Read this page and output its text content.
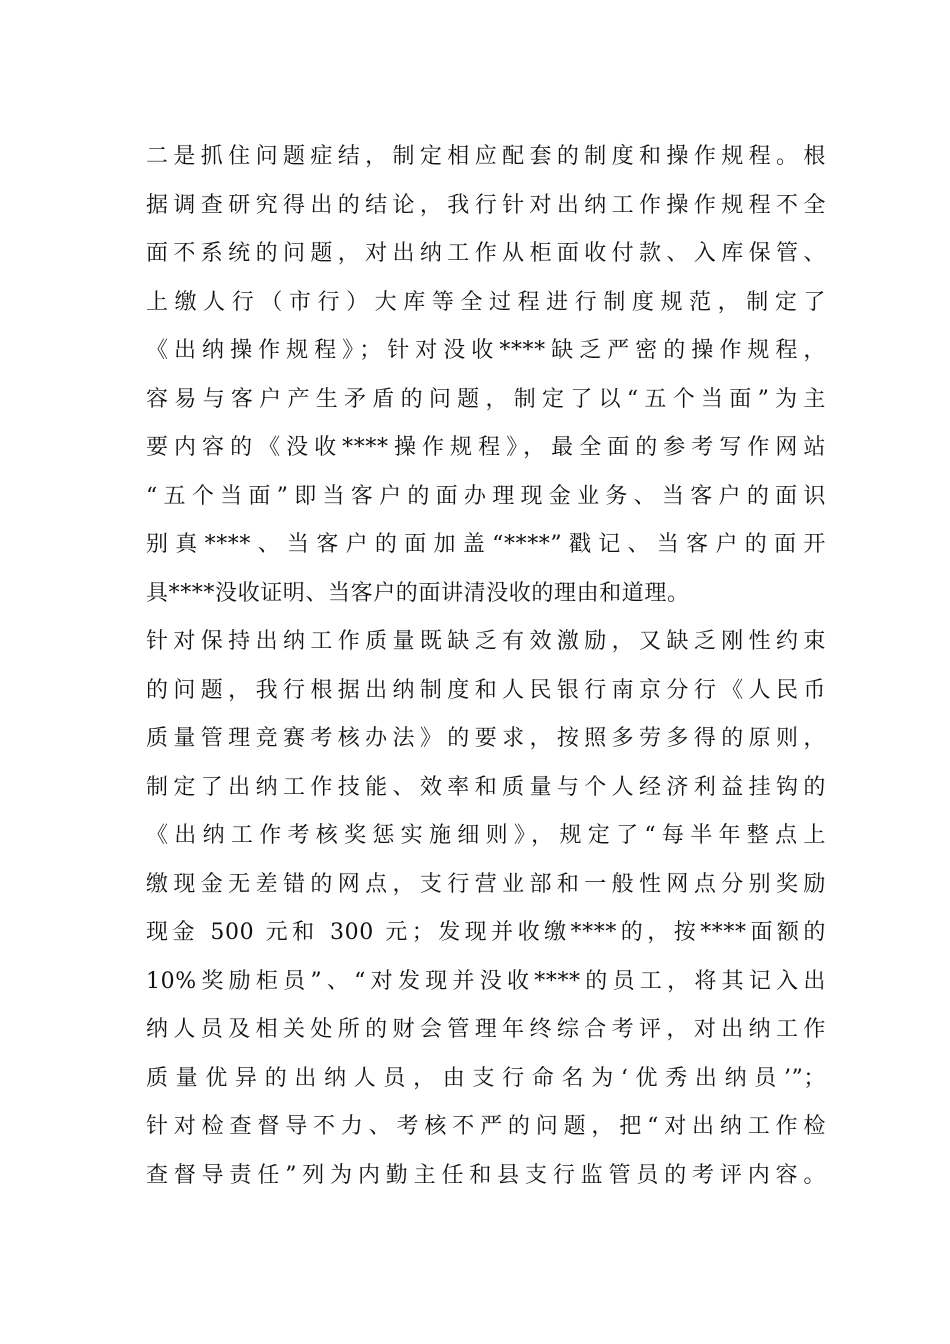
二是抓住问题症结，制定相应配套的制度和操作规程。根
据调查研究得出的结论，我行针对出纳工作操作规程不全
面不系统的问题，对出纳工作从柜面收付款、入库保管、
上缴人行（市行）大库等全过程进行制度规范，制定了
《出纳操作规程》；针对没收****缺乏严密的操作规程，
容易与客户产生矛盾的问题，制定了以“五个当面”为主
要内容的《没收****操作规程》，最全面的参考写作网站
“五个当面”即当客户的面办理现金业务、当客户的面识
别真****、当客户的面加盖“****”戳记、当客户的面开
具****没收证明、当客户的面讲清没收的理由和道理。
针对保持出纳工作质量既缺乏有效激励，又缺乏刚性约束
的问题，我行根据出纳制度和人民银行南京分行《人民币
质量管理竞赛考核办法》的要求，按照多劳多得的原则，
制定了出纳工作技能、效率和质量与个人经济利益挂钩的
《出纳工作考核奖惩实施细则》，规定了“每半年整点上
缴现金无差错的网点，支行营业部和一般性网点分别奖励
现金 500 元和 300 元；发现并收缴****的，按****面额的
10%奖励柜员”、“对发现并没收****的员工，将其记入出
纳人员及相关处所的财会管理年终综合考评，对出纳工作
质量优异的出纳人员，由支行命名为‘优秀出纳员’”；
针对检查督导不力、考核不严的问题，把“对出纳工作检
查督导责任”列为内勤主任和县支行监管员的考评内容。
